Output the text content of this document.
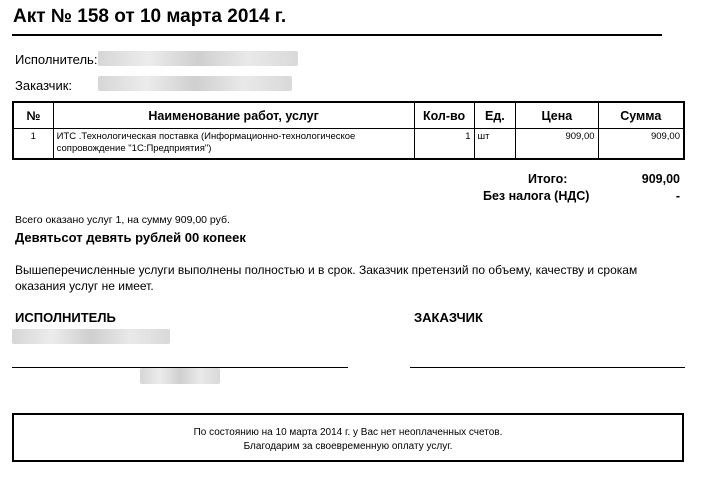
Акт № 158 от 10 марта 2014 г.
Исполнитель:
Заказчик:
№	Наименование работ, услуг	Кол-во	Ед.	Цена	Сумма
1	ИТС .Технологическая поставка (Информационно-технологическое сопровождение "1С:Предприятия")	1	шт	909,00	909,00
Итого:	909,00
Без налога (НДС)	-
Всего оказано услуг 1, на сумму 909,00 руб.
Девятьсот девять рублей 00 копеек
Вышеперечисленные услуги выполнены полностью и в срок. Заказчик претензий по объему, качеству и срокам оказания услуг не имеет.
ИСПОЛНИТЕЛЬ	ЗАКАЗЧИК
По состоянию на 10 марта 2014 г. у Вас нет неоплаченных счетов.
Благодарим за своевременную оплату услуг.
